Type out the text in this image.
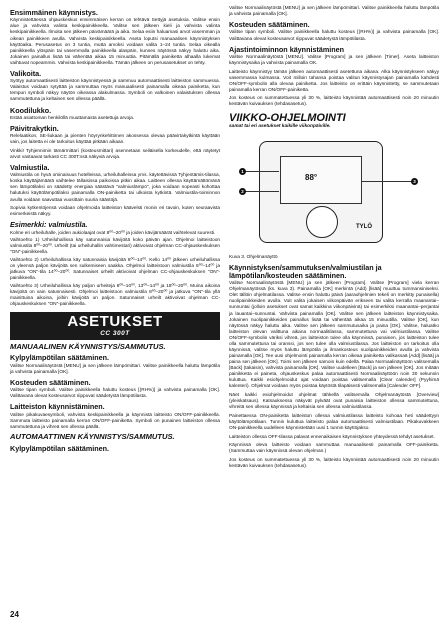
Ensimmäinen käynnistys.

Käynnistettäessä ohjauskeskus ensimmäisen kerran on tehtävä Settyjä asetuksia. Valitse ensin alue ja vahvista valinta keskipainikkeella. Valitse sen jälkeen kieli ja vahvista valinta keskipainikkeella. Ilmoita sen jälkeen päivämäärä ja aika. Selaa esiin haluamasi arvot vasemman ja oikean painikkeen avulla. Vahvista keskipainikkeella. Aseta loputsi manuaalisen käynnistyksen käyttöaika. Perusasetus on 3 tuntia, mutta arvoksi voidaan valita 1–24 tuntia. Selaa oikealla painikkeella ylöspäin tai vasemmalla painikkeella alaspäin, kunnes näytössä näkyy haluttu aika. Jokainen painallus lisää tai vähentää aikaa 15 minuuttia. Pitämällä painiketta alhaalla lukemat vaihtuvat nopeammin. Vahvista keskipainikkeella. Tämän jälkeen on perusasetukset on tehty.

Valikoita.

Syötyy automaattisesti laitteiston käynnistyessä ja sammuu automaattisesti laitteiston sammuessa. Valaistus voidaan sytyttää ja sammuttaa myös manuaalisesti painamalla oikeaa painiketta, kun tempun symboli näkyy näytön oikeassa alakulmassa. Symboli on valkoinen valaistuksen ollessa sammutettuna ja keltainen sen ollessa päällä.

Koodilukko.

Estää asiattoman henkilöllä muuttamasta asetettuja arvoja.

Päivitrakytkin.

Relelaatikon, SE-liukaan ja pienten höyrynkehittimen akossessa olevaa päävirtakytkintä käyttään vain, jos laitetta ei ole tarkoitus käyttää pitkään aikaan.

Vinkki! Tyhjennimin tämärmittari (kosteusmittari) asennetaan seiläisella korkeudelle, että näytetyt arvot vastaavat tarkasti CC 300T:ssä näkyviä arvoja.

Valmiustila.

Valmiustila on hyvä ominaisuus hotelleissa, urheiluhalleissa yms. käytettävissä Tyhjentämis-tilassa, koska käyttäjämäärä vaihtelee tällaisissa paikoissa pitkin aikaa. Laitteen ollessa käyttämättömänä sen lämpötilaksi on säädetty energiaa säästävä "valmiuslämpö", joka voidaan nopeasti kohottaa halutuksi käyttölämpötilaksi painamalla ON-painiketta tai ulkoista kytkintä. Valmiustila-toiminnon avulla voidaan saavuttaa vuosittain suuria säästöjä.

Sopivia kytkentöjensä voidaan ohjelmoida laitteiston käävelsti monin eri tavoin, kuten seuraavista esimerkeistä näkyy.

Esimerkki: valmiustila.

Kolme eri urheiluhalle, joiden aukiolaajat ovat 8⁰⁰–20⁰⁰ ja joiden kävijämäärät vaihtelevat suuresti.

Vaihtoehto 1) Urheiluhallissa käy satunnaisia kävijöitä koko päivän ajan. Ohjelmoi laitteistoon valmiustila 8⁰⁰–20⁰⁰. Urheilt (tai urheiluhallin vahtimestari) aktivoivat ohjelman CC-ohjauskeskuksen "ON"-painikkeella.

Vaihtoehto 2) Urheiluhallissa käy satunnaisia kävijöitä 8⁰⁰–14⁰⁰. Kello 14⁰⁰ jälkeen urheiluhallissa on yleensä paljon kävijöitä sen sulkemiseen saakka. Ohjelmoi laitteistoon valmiustila 8⁰⁰–14⁰⁰ ja jatkuva "ON"-tila 14⁰⁰–20⁰⁰. Satunnaiset urheilt aktivoivat ohjelman CC-ohjauskeskuksen "ON"-painikkeella.

Vaihtoehto 3) Urheiluhallissa käy paljon urheiteja 8⁰⁰–10⁰⁰, 13⁰⁰–14⁰⁰ ja 18⁰⁰–20⁰⁰. Muina aikoina kävijöitä on vain satunnaisesti. Ohjelmoi laitteistoon valmiustila 8⁰⁰–20⁰⁰ ja jatkuva "ON"-tila yllä mainittuina aikoina, joihin kävijöitä on paljon. Satunnaiset urheilt aktivoivat ohjelman CC-ohjauskeskuksen "ON"-painikkeella.

ASETUKSET
CC 300T
MANUAALINEN KÄYNNISTYS/SAMMUTUS.
Kylpylämpötilan säätäminen.

Valitse Normaalinäytöstä [MENU] ja sen jälkeen lämpömittari. Valitse painikkeella haluttu lämpötila ja vahvista painamalla [OK].

Kosteuden säätäminen.

Valitse tipan symboli. Valitse painikkeella haluttu kosteus [(RH%)] ja vahvista painamalla [OK]. Valittavana olevat kosteusarvot riippuvat säädetystä lämpötilasta.

Laitteiston käynnistäminen.

Valitse pikakuvaesymboli, vahvista keskipainikkeella ja käynnistä laitteisto ON/OFF-painikkeella. Sammuta laitteisto painamalla kerran ON/OFF-painiketta. Symboli on punainen laitteiston ollessa sammutettuna ja vihreä sen ollessa päällä.

AUTOMAATTINEN KÄYNNISTYS/SAMMUTUS.
Kylpylämpötilan säätäminen.

Valitse Normaalinäytöstä [MENU] ja sen jälkeen lämpömittari. Valitse painikkeella haluttu lämpötila ja vahvista painamalla [OK].

Kosteuden säätäminen.

Valitse tipan symboli. Valitse painikkeella haluttu kosteus [(RH%)] ja vahvista painamalla [OK]. Valittavana olevat kosteusarvot riippuvat säädetystä lämpötilasta.

Ajastintoiminnon käynnistäminen

Valitse Normaalinäytöstä [MENU]. Valitse [Program] ja sen jälkeen [Timer]. Aseta laitteiston käynnistysaika ja vahvista painamalla OK.

Laitteisto käynnistyy tämän jälkeen automaattisesti asetettuna aikana. Alka käynnistykseen näkyy vasemmassa kulmassa. Voit milloin tahansa poistaa valitun käynnistysajan painamalla kahdesti ON/OFF-symbolin alla olevaa painiketta. Jos laitteisto on erittäin käynnistetty, se sammutetaan painamalla kerran ON/OFF-painiketta.

Jos kosteus on summatettuessa yli 30 %, laitteisto käynnistää automaattisesti noin 20 minuutin kestävän kuivauksen (tehdasasetus).

VIIKKO-OHJELMOINTI
samat tai eri asetukset kaikille viikonpäiville.
88°
TYLÖ
1
2
3
Kuva 3. Ohjelmanäyttö
Käynnistyksen/sammutuksen/valmiustilan ja lämpötilan/kosteuden säätäminen.

Valitse Normaalinäytöstä [MENU] ja sen jälkeen [Program]. Valitse [Program] viela kerran Ohjelmanäytössä (ks. kuva 3). Painamalla [OK] merkintä (Add) [lisää] muuttuu tummansiniseksi. Olet tällöin ohjelmatilassa. Valitse ensin haluttu päivä (aaraohjelmien tekeli on merkitty punaisella) nuolipainikkeiden avulla. Voit valita jokaisen viikonpäivän erikseen tai valita kerralla maanantai–sunnuntai (jolloin asetukset ovat samat kaikkina viikonpäivinä) tai esimerkiksi maanantai–perjantai ja lauantai–sunnuntai. Vahvista painamalla [OK]. Valitse sen jälkeen laitteiston käynnistysaika. Jokainen nuolipainikkeiden painallus lisää tai vähentää aikaa 15 minuutilla. Valitse [OK], kun näytössä näkyy haluttu aika. Valitse sen jälkeen sammutusaika ja paina [OK]. Valitse, haluatko laitteiston olevan valittuna aikana normaalitilassa, sammutettuna vai valmiustilassa. Valitse ON/OFF-symbolin väriksi vihreä, jos laitteiston tulee olla käynnissä, punainen, jos laitteiston tulee olla sammutettuna tai oranssi, jos sen tulee olla valmiustilassa. Jos laitteiston on tarkoitus olla käynnissä, valitse myös haluttu lämpötila ja ilmankosteus nuolipainikkeiden avulla ja vahvista painamalla [OK]. Tee uusi ohjelmointi painamalla kerran oikeaa painiketta valikassaä [Add] [lisää] ja paina sen jälkeen [OK]. Toimi sen jälkeen samoin kuin edellä. Palaa Normaalinäyttöön valitsemalla [Back] (takaisin), vahvista painamalla [OK]. Valitse uudelleen [Back] ja sen jälkeen [OK]. Jos mitään painikketta ei paineta, ohjauskeskus palaa automaattisesti Normaalinäyttöön noin 30 sekunnin kuluttua. Kaikki esiohjelmoidut ajat voidaan poistaa valitsemalla [Clear calender] (Pyyhimä kalenteri). Ohjelmat voidaan myös poistaa käytöstä tilapäisesti valitsemalla [Calender OFF].

Näet kaikki esiohjelmoidut ohjelmat tähkellä valitsemalla Ohjelmanäytöstä [Overview] (yleiskatsaus). Katsauksessa näkyvät pylväät ovat punaisia laitteiston ollessa sammutettuna, vihreitä sen ollessa käynnissä ja keltaisia sen ollessa valmiustilassa.

Painettaessa ON-painiketta laitteiston ollessa valmiustilassa laitteisto kohoaa heti säädettyyn käyttölämpötilaan. Tunnin kuluttua laitteisto palaa automaattisesti valmiustilaan. Pikakuvakkeen ON-painikkeella uudelleen käynnistetään uusi 1 tunnin käyttöjakso.

Laitteiston ollessa OFF-tilassa palavat ennenaikaisen käynnistyksen yhteydessä tehdyt asetukset.

Käynnissä oleva laitteisto voidaan sammuttaa manuaalisesti painamalla OFF-painiketta. (Sammuttaa vain käynnissä olevan ohjelman.)

Jos kosteus on summatettuessa yli 30 %, laitteisto käynnistää automaattisesti noin 20 minuutin kestävän kuivauksen (tehdasasetus).

24
